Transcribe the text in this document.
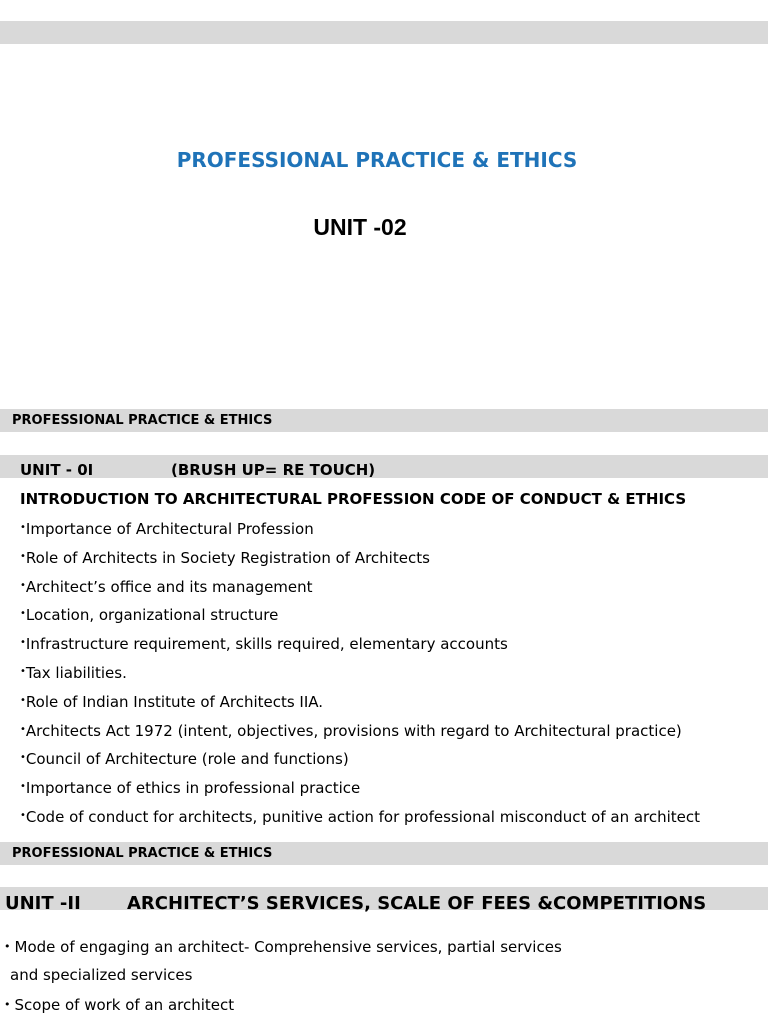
PROFESSIONAL PRACTICE & ETHICS
UNIT -02
PROFESSIONAL PRACTICE & ETHICS
UNIT - 0I	(BRUSH UP= RE TOUCH)
INTRODUCTION TO ARCHITECTURAL PROFESSION CODE OF CONDUCT & ETHICS
•Importance of Architectural Profession
•Role of Architects in Society Registration of Architects
•Architect’s office and its management
•Location, organizational structure
•Infrastructure requirement, skills required, elementary accounts
•Tax liabilities.
•Role of Indian Institute of Architects IIA.
•Architects Act 1972 (intent, objectives, provisions with regard to Architectural practice)
•Council of Architecture (role and functions)
•Importance of ethics in professional practice
•Code of conduct for architects, punitive action for professional misconduct of an architect
PROFESSIONAL PRACTICE & ETHICS
UNIT -II	ARCHITECT’S SERVICES, SCALE OF FEES &COMPETITIONS
• Mode of engaging an architect- Comprehensive services, partial services
and specialized services
• Scope of work of an architect
